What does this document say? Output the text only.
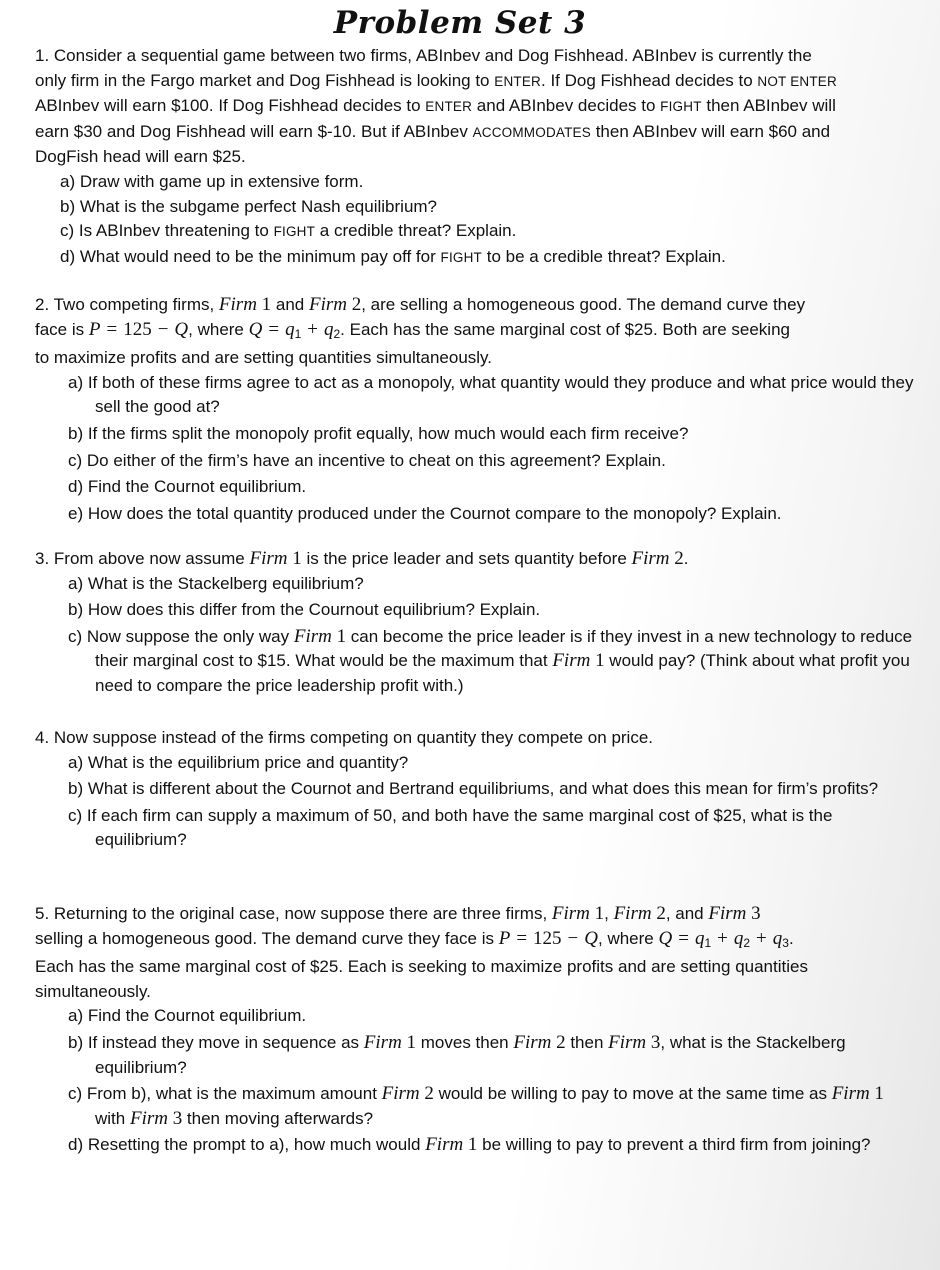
Problem Set 3

1. Consider a sequential game between two firms, ABInbev and Dog Fishhead. ABInbev is currently the

only firm in the Fargo market and Dog Fishhead is looking to ENTER. If Dog Fishhead decides to NOT ENTER

ABInbev will earn $100. If Dog Fishhead decides to ENTER and ABInbev decides to FIGHT then ABInbev will

earn $30 and Dog Fishhead will earn $-10. But if ABInbev ACCOMMODATES then ABInbev will earn $60 and

DogFish head will earn $25.

a) Draw with game up in extensive form.

b) What is the subgame perfect Nash equilibrium?

c) Is ABInbev threatening to FIGHT a credible threat? Explain.

d) What would need to be the minimum pay off for FIGHT to be a credible threat? Explain.

2. Two competing firms, Firm 1 and Firm 2, are selling a homogeneous good. The demand curve they

face is P = 125 − Q, where $Q = q_1 + q_2$. Each has the same marginal cost of $25. Both are seeking

to maximize profits and are setting quantities simultaneously.

a) If both of these firms agree to act as a monopoly, what quantity would they produce and what price would they sell the good at?

b) If the firms split the monopoly profit equally, how much would each firm receive?

c) Do either of the firm’s have an incentive to cheat on this agreement? Explain.

d) Find the Cournot equilibrium.

e) How does the total quantity produced under the Cournot compare to the monopoly? Explain.

3. From above now assume Firm 1 is the price leader and sets quantity before Firm 2.

a) What is the Stackelberg equilibrium?

b) How does this differ from the Cournout equilibrium? Explain.

c) Now suppose the only way Firm 1 can become the price leader is if they invest in a new technology to reduce their marginal cost to $15. What would be the maximum that Firm 1 would pay? (Think about what profit you need to compare the price leadership profit with.)

4. Now suppose instead of the firms competing on quantity they compete on price.

a) What is the equilibrium price and quantity?

b) What is different about the Cournot and Bertrand equilibriums, and what does this mean for firm’s profits?

c) If each firm can supply a maximum of 50, and both have the same marginal cost of $25, what is the equilibrium?

5. Returning to the original case, now suppose there are three firms, Firm 1, Firm 2, and Firm 3

selling a homogeneous good. The demand curve they face is P = 125 − Q, where $Q = q_1 + q_2 + q_3$.

Each has the same marginal cost of $25. Each is seeking to maximize profits and are setting quantities

simultaneously.

a) Find the Cournot equilibrium.

b) If instead they move in sequence as Firm 1 moves then Firm 2 then Firm 3, what is the Stackelberg equilibrium?

c) From b), what is the maximum amount Firm 2 would be willing to pay to move at the same time as Firm 1 with Firm 3 then moving afterwards?

d) Resetting the prompt to a), how much would Firm 1 be willing to pay to prevent a third firm from joining?
